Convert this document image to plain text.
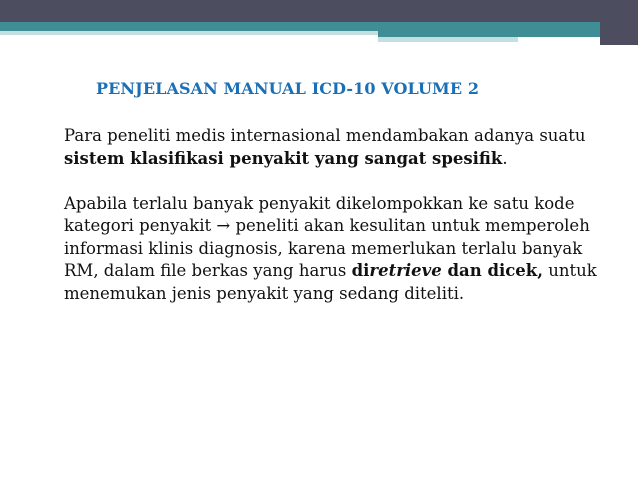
PENJELASAN MANUAL ICD-10 VOLUME 2

Para peneliti medis internasional mendambakan adanya suatu sistem klasifikasi penyakit yang sangat spesifik.

Apabila terlalu banyak penyakit dikelompokkan ke satu kode kategori penyakit → peneliti akan kesulitan untuk memperoleh informasi klinis diagnosis, karena memerlukan terlalu banyak RM, dalam file berkas yang harus diretrieve dan dicek, untuk menemukan jenis penyakit yang sedang diteliti.
